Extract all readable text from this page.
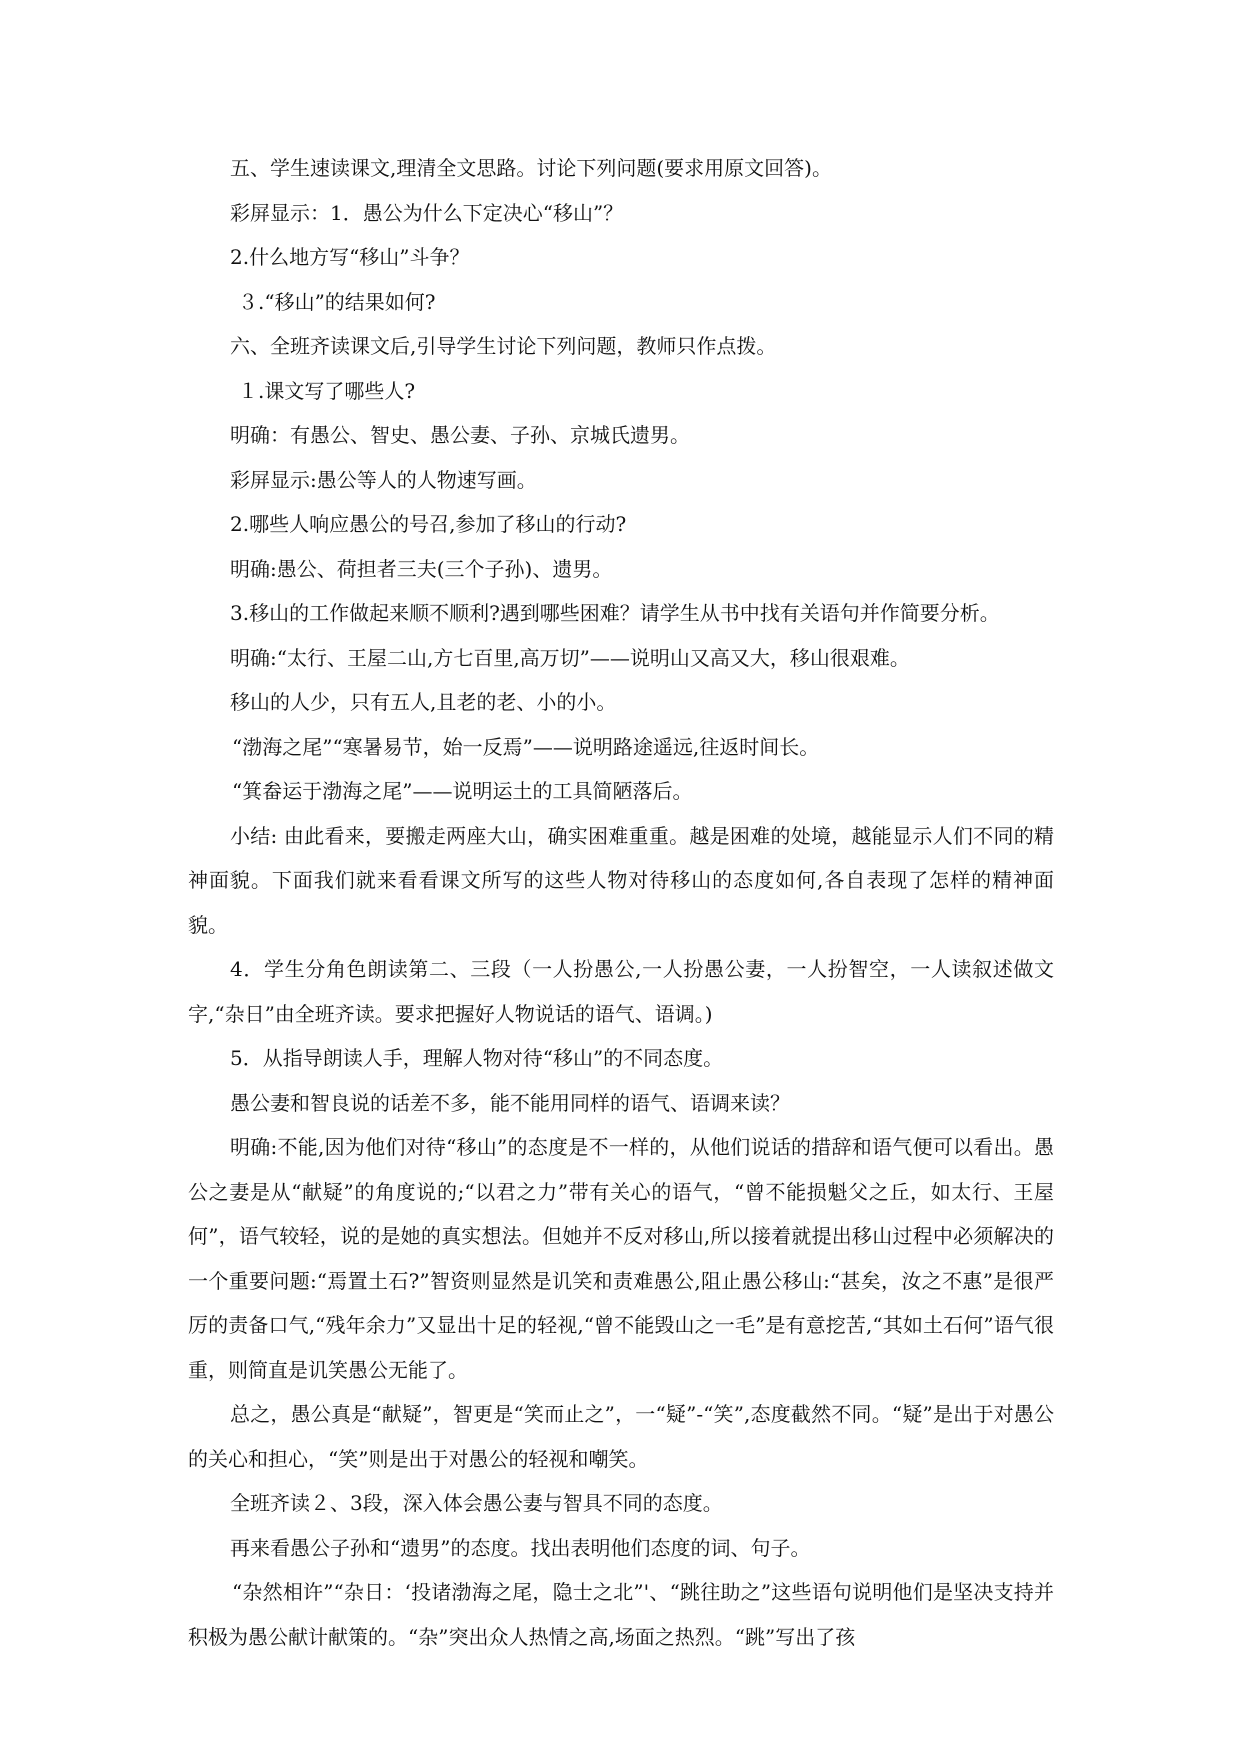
五、学生速读课文,理清全文思路。讨论下列问题(要求用原文回答)。

彩屏显示：1．愚公为什么下定决心“移山”？

2.什么地方写“移山”斗争？

３.“移山”的结果如何?

六、全班齐读课文后,引导学生讨论下列问题，教师只作点拨。

１.课文写了哪些人?

明确：有愚公、智史、愚公妻、子孙、京城氏遗男。

彩屏显示:愚公等人的人物速写画。

2.哪些人响应愚公的号召,参加了移山的行动?

明确:愚公、荷担者三夫(三个子孙)、遗男。

3.移山的工作做起来顺不顺利?遇到哪些困难？请学生从书中找有关语句并作简要分析。

明确:“太行、王屋二山,方七百里,高万切”——说明山又高又大，移山很艰难。

移山的人少，只有五人,且老的老、小的小。

“渤海之尾”“寒暑易节，始一反焉”——说明路途遥远,往返时间长。

“箕畚运于渤海之尾”——说明运土的工具简陋落后。

小结: 由此看来，要搬走两座大山，确实困难重重。越是困难的处境，越能显示人们不同的精神面貌。下面我们就来看看课文所写的这些人物对待移山的态度如何,各自表现了怎样的精神面貌。

4．学生分角色朗读第二、三段（一人扮愚公,一人扮愚公妻，一人扮智空，一人读叙述做文字,“杂日”由全班齐读。要求把握好人物说话的语气、语调。)

5．从指导朗读人手，理解人物对待“移山”的不同态度。

愚公妻和智良说的话差不多，能不能用同样的语气、语调来读？

明确:不能,因为他们对待“移山”的态度是不一样的，从他们说话的措辞和语气便可以看出。愚公之妻是从“献疑”的角度说的;“以君之力”带有关心的语气，“曾不能损魁父之丘，如太行、王屋何”，语气较轻，说的是她的真实想法。但她并不反对移山,所以接着就提出移山过程中必须解决的一个重要问题:“焉置土石?”智资则显然是讥笑和责难愚公,阻止愚公移山:“甚矣，汝之不惠”是很严厉的责备口气,“残年余力”又显出十足的轻视,“曾不能毁山之一毛”是有意挖苦,“其如土石何”语气很重，则简直是讥笑愚公无能了。

总之，愚公真是“献疑”，智更是“笑而止之”，一“疑”-“笑”,态度截然不同。“疑”是出于对愚公的关心和担心，“笑”则是出于对愚公的轻视和嘲笑。

全班齐读２、3段，深入体会愚公妻与智具不同的态度。

再来看愚公子孙和“遗男”的态度。找出表明他们态度的词、句子。

“杂然相许”“杂日：‘投诸渤海之尾，隐士之北”'、“跳往助之”这些语句说明他们是坚决支持并积极为愚公献计献策的。“杂”突出众人热情之高,场面之热烈。“跳”写出了孩
